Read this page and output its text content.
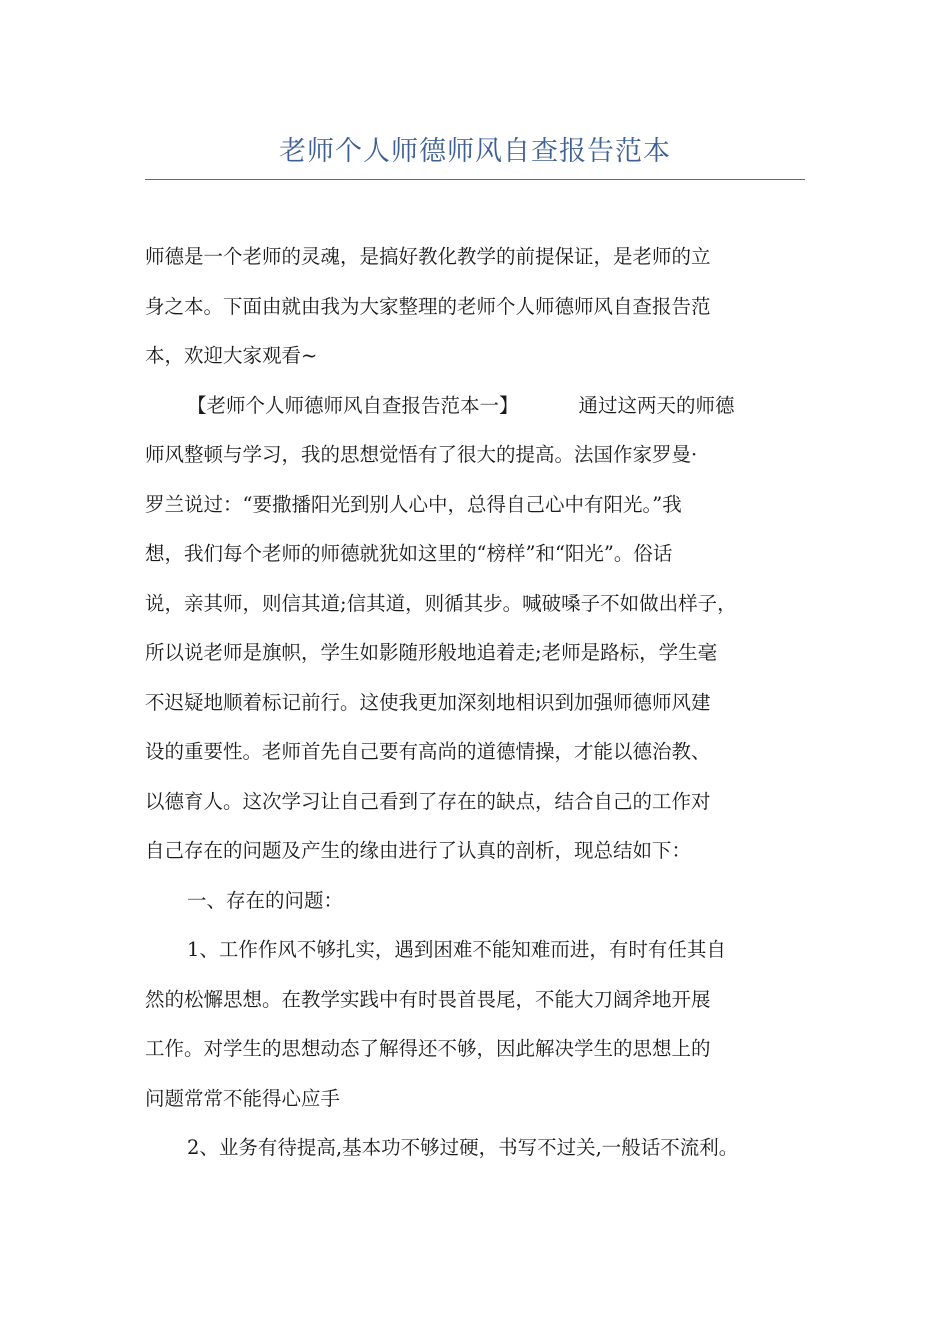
老师个人师德师风自查报告范本
师德是一个老师的灵魂，是搞好教化教学的前提保证，是老师的立
身之本。下面由就由我为大家整理的老师个人师德师风自查报告范
本，欢迎大家观看~
【老师个人师德师风自查报告范本一】	通过这两天的师德
师风整顿与学习，我的思想觉悟有了很大的提高。法国作家罗曼·
罗兰说过：“要撒播阳光到别人心中，总得自己心中有阳光。”我
想，我们每个老师的师德就犹如这里的“榜样”和“阳光”。俗话
说，亲其师，则信其道;信其道，则循其步。喊破嗓子不如做出样子，
所以说老师是旗帜，学生如影随形般地追着走;老师是路标，学生毫
不迟疑地顺着标记前行。这使我更加深刻地相识到加强师德师风建
设的重要性。老师首先自己要有高尚的道德情操，才能以德治教、
以德育人。这次学习让自己看到了存在的缺点，结合自己的工作对
自己存在的问题及产生的缘由进行了认真的剖析，现总结如下：
一、存在的问题：
1、工作作风不够扎实，遇到困难不能知难而进，有时有任其自
然的松懈思想。在教学实践中有时畏首畏尾，不能大刀阔斧地开展
工作。对学生的思想动态了解得还不够，因此解决学生的思想上的
问题常常不能得心应手
2、业务有待提高,基本功不够过硬，书写不过关,一般话不流利。
